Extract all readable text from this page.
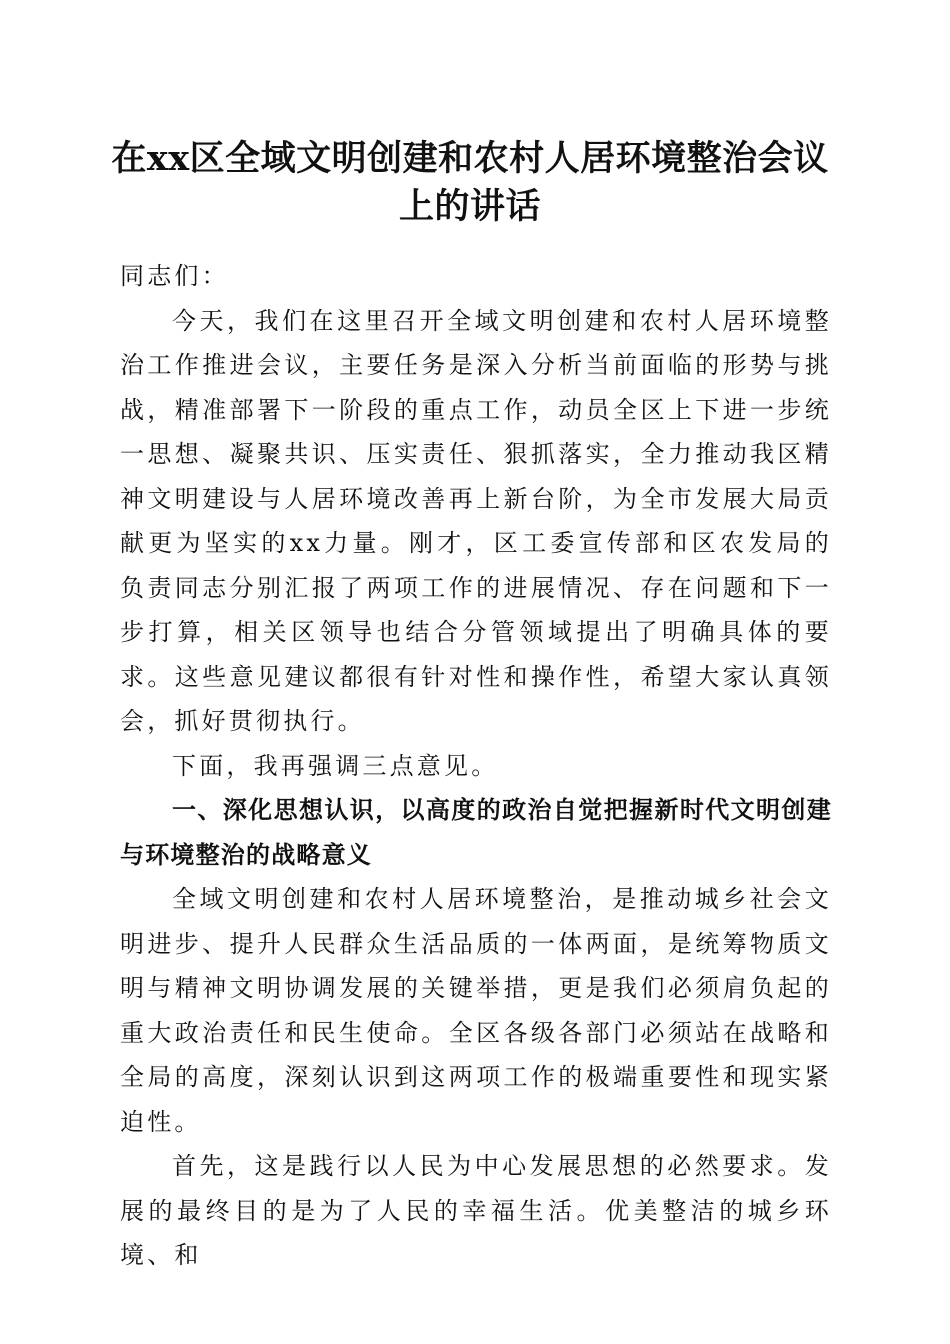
在xx区全域文明创建和农村人居环境整治会议上的讲话

同志们：

今天，我们在这里召开全域文明创建和农村人居环境整治工作推进会议，主要任务是深入分析当前面临的形势与挑战，精准部署下一阶段的重点工作，动员全区上下进一步统一思想、凝聚共识、压实责任、狠抓落实，全力推动我区精神文明建设与人居环境改善再上新台阶，为全市发展大局贡献更为坚实的xx力量。刚才，区工委宣传部和区农发局的负责同志分别汇报了两项工作的进展情况、存在问题和下一步打算，相关区领导也结合分管领域提出了明确具体的要求。这些意见建议都很有针对性和操作性，希望大家认真领会，抓好贯彻执行。

下面，我再强调三点意见。

一、深化思想认识，以高度的政治自觉把握新时代文明创建与环境整治的战略意义

全域文明创建和农村人居环境整治，是推动城乡社会文明进步、提升人民群众生活品质的一体两面，是统筹物质文明与精神文明协调发展的关键举措，更是我们必须肩负起的重大政治责任和民生使命。全区各级各部门必须站在战略和全局的高度，深刻认识到这两项工作的极端重要性和现实紧迫性。

首先，这是践行以人民为中心发展思想的必然要求。发展的最终目的是为了人民的幸福生活。优美整洁的城乡环境、和
